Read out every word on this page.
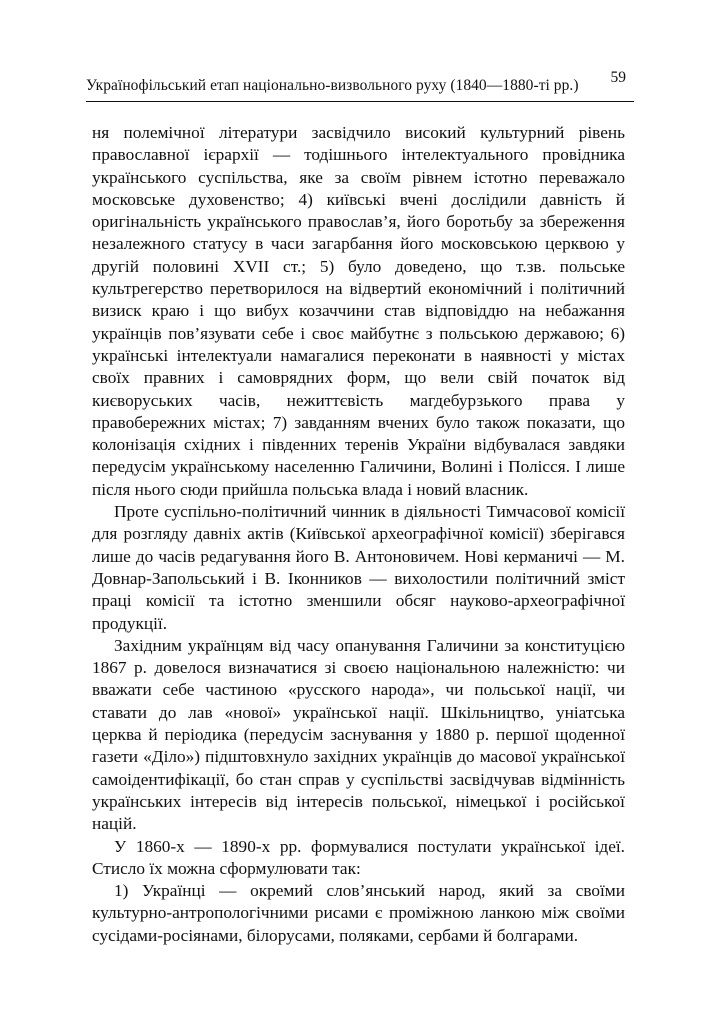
Українофільський етап національно-визвольного руху (1840—1880-ті рр.) 59

ня полемічної літератури засвідчило високий культурний рівень православної ієрархії — тодішнього інтелектуального провідника українського суспільства, яке за своїм рівнем істотно переважало московське духовенство; 4) київські вчені дослідили давність й оригінальність українського православ’я, його боротьбу за збереження незалежного статусу в часи загарбання його московською церквою у другій половині XVII ст.; 5) було доведено, що т.зв. польське культрегерство перетворилося на відвертий економічний і політичний визиск краю і що вибух козаччини став відповіддю на небажання українців пов’язувати себе і своє майбутнє з польською державою; 6) українські інтелектуали намагалися переконати в наявності у містах своїх правних і самоврядних форм, що вели свій початок від києворуських часів, нежиттєвість магдебурзького права у правобережних містах; 7) завданням вчених було також показати, що колонізація східних і південних теренів України відбувалася завдяки передусім українському населенню Галичини, Волині і Полісся. І лише після нього сюди прийшла польська влада і новий власник.

Проте суспільно-політичний чинник в діяльності Тимчасової комісії для розгляду давніх актів (Київської археографічної комісії) зберігався лише до часів редагування його В. Антоновичем. Нові керманичі — М. Довнар-Запольський і В. Іконников — вихолостили політичний зміст праці комісії та істотно зменшили обсяг науково-археографічної продукції.

Західним українцям від часу опанування Галичини за конституцією 1867 р. довелося визначатися зі своєю національною належністю: чи вважати себе частиною «русского народа», чи польської нації, чи ставати до лав «нової» української нації. Шкільництво, уніатська церква й періодика (передусім заснування у 1880 р. першої щоденної газети «Діло») підштовхнуло західних українців до масової української самоідентифікації, бо стан справ у суспільстві засвідчував відмінність українських інтересів від інтересів польської, німецької і російської націй.

У 1860-х — 1890-х рр. формувалися постулати української ідеї. Стисло їх можна сформулювати так:

1) Українці — окремий слов’янський народ, який за своїми культурно-антропологічними рисами є проміжною ланкою між своїми сусідами-росіянами, білорусами, поляками, сербами й болгарами.
